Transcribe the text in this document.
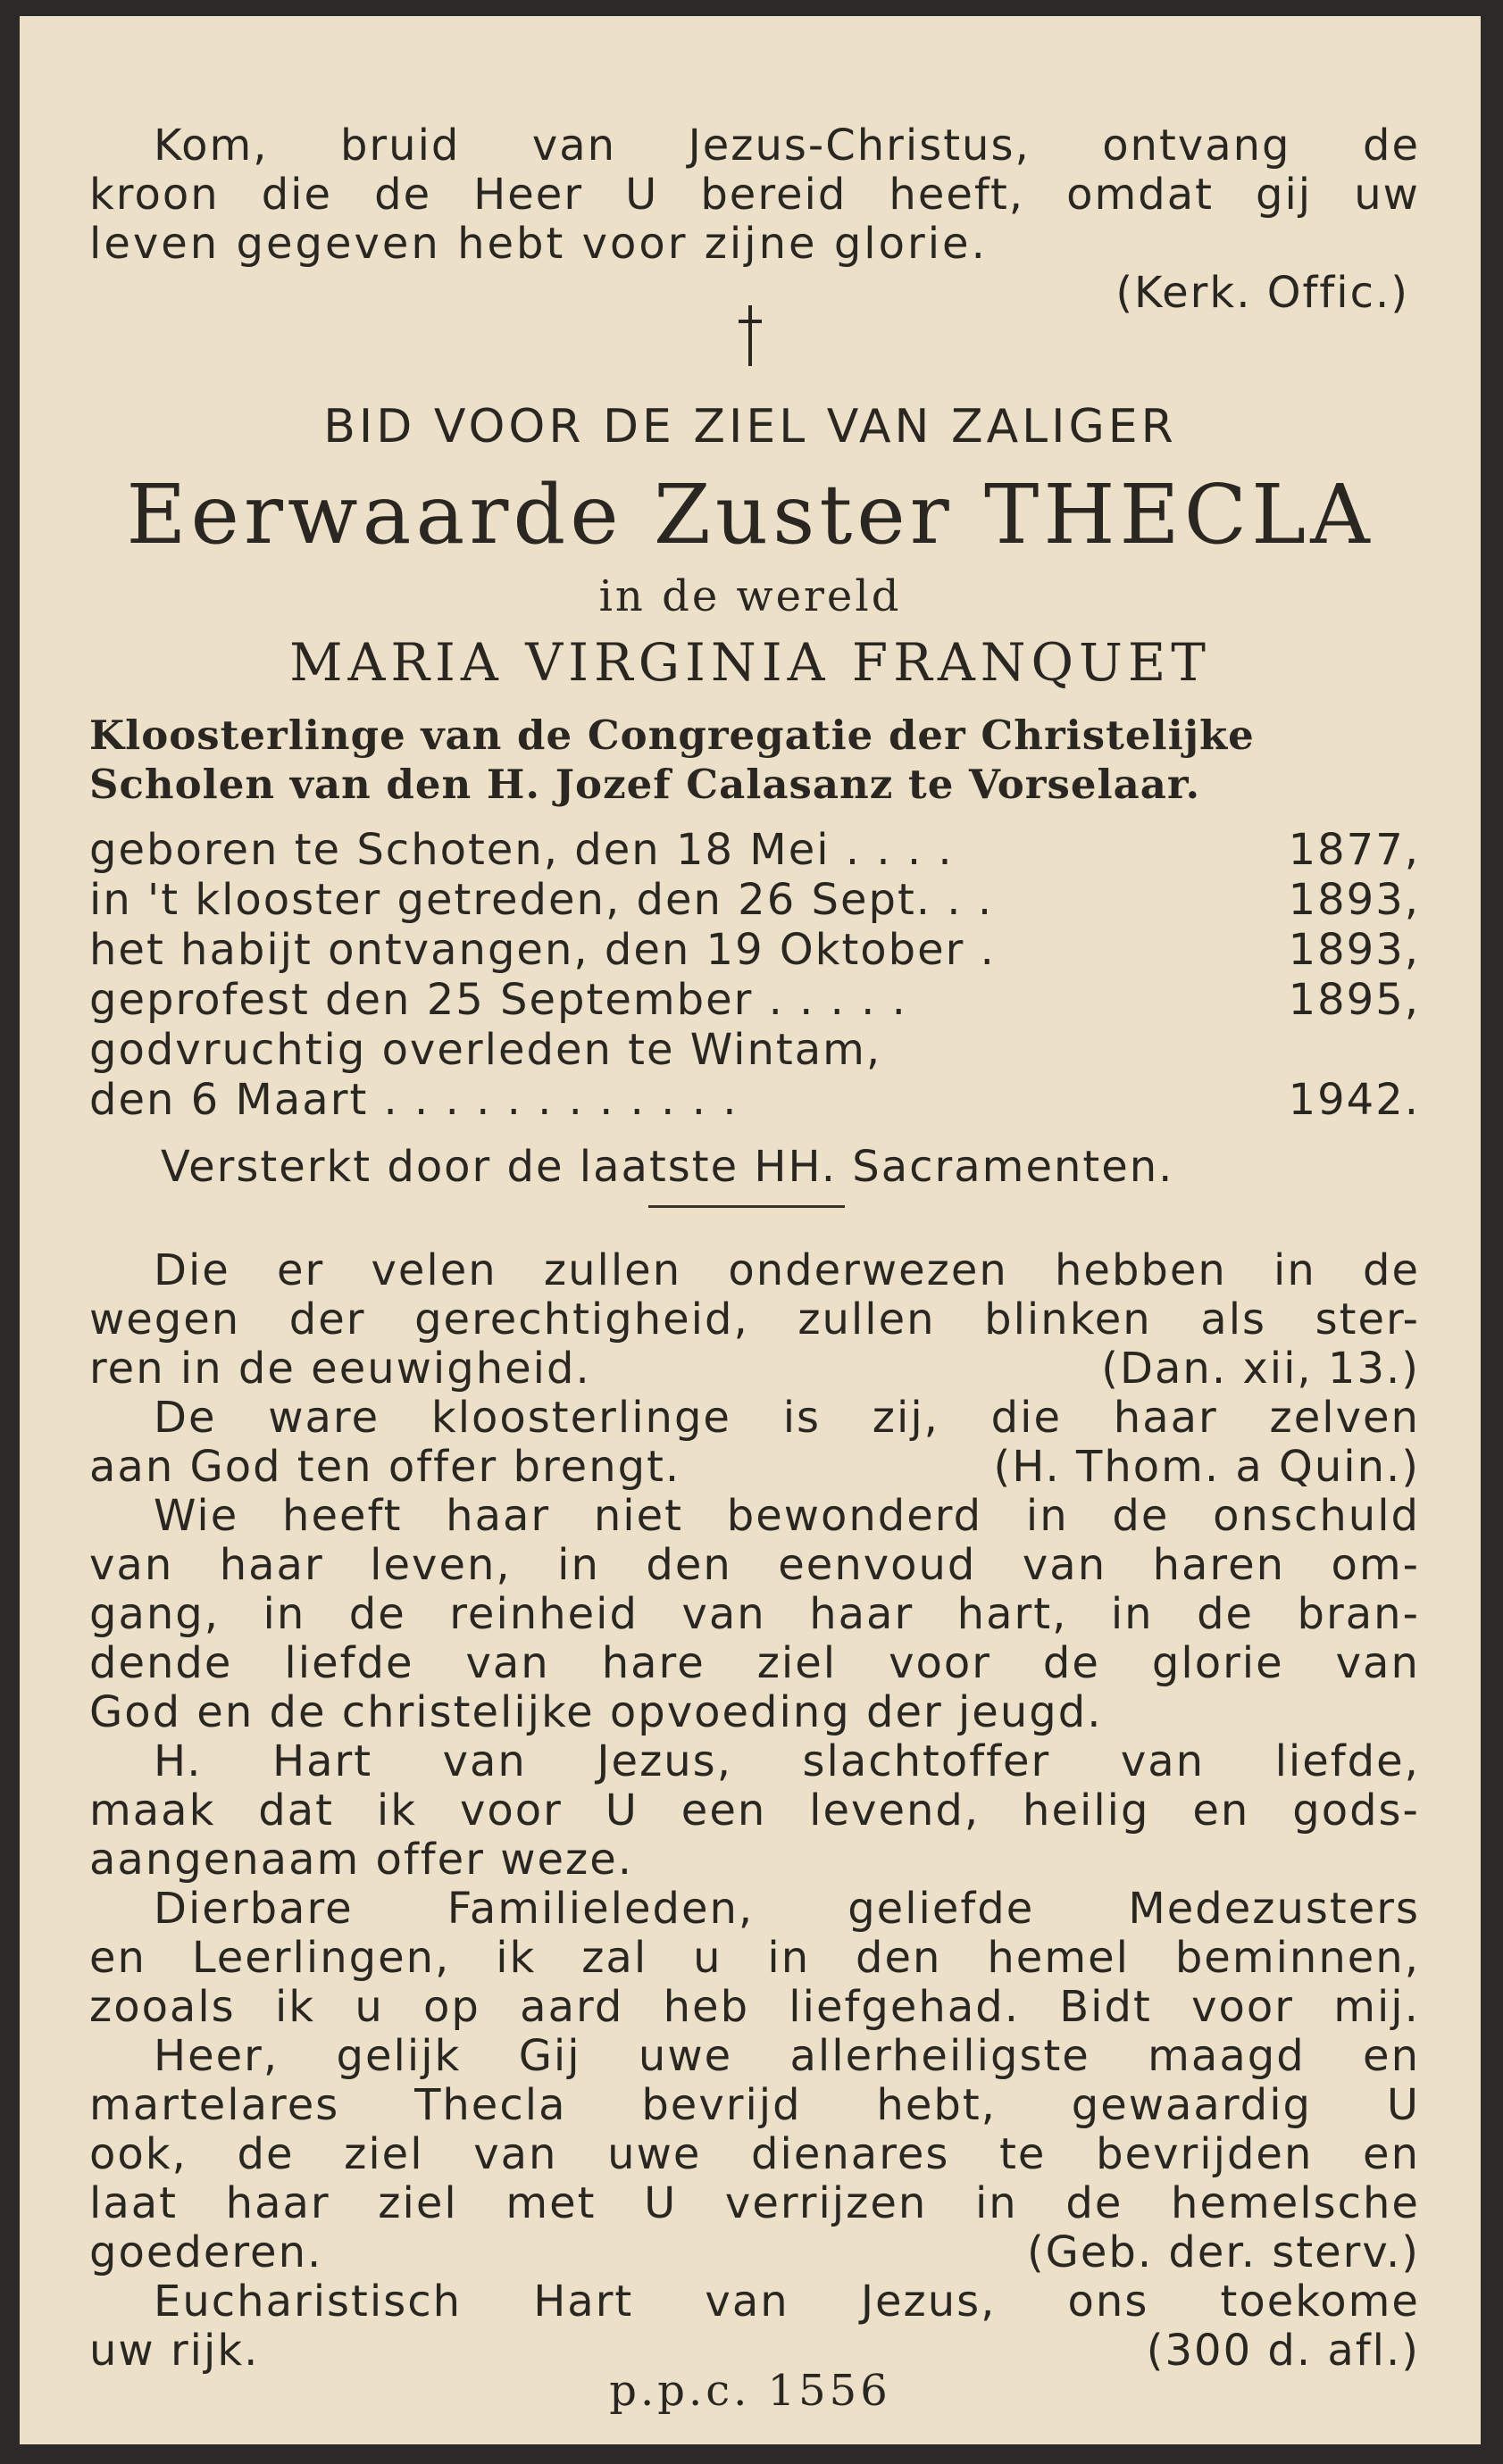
Kom, bruid van Jezus-Christus, ontvang de
kroon die de Heer U bereid heeft, omdat gij uw
leven gegeven hebt voor zijne glorie.
(Kerk. Offic.)
BID VOOR DE ZIEL VAN ZALIGER
Eerwaarde Zuster THECLA
in de wereld
MARIA VIRGINIA FRANQUET
Kloosterlinge van de Congregatie der Christelijke
Scholen van den H. Jozef Calasanz te Vorselaar.
geboren te Schoten, den 18 Mei . . . .	1877,
in 't klooster getreden, den 26 Sept. . .	1893,
het habijt ontvangen, den 19 Oktober .	1893,
geprofest den 25 September . . . . .	1895,
godvruchtig overleden te Wintam,
den 6 Maart . . . . . . . . . . . .	1942.
Versterkt door de laatste HH. Sacramenten.
Die er velen zullen onderwezen hebben in de
wegen der gerechtigheid, zullen blinken als ster-
ren in de eeuwigheid.	(Dan. xii, 13.)
De ware kloosterlinge is zij, die haar zelven
aan God ten offer brengt.	(H. Thom. a Quin.)
Wie heeft haar niet bewonderd in de onschuld
van haar leven, in den eenvoud van haren om-
gang, in de reinheid van haar hart, in de bran-
dende liefde van hare ziel voor de glorie van
God en de christelijke opvoeding der jeugd.
H. Hart van Jezus, slachtoffer van liefde,
maak dat ik voor U een levend, heilig en gods-
aangenaam offer weze.
Dierbare Familieleden, geliefde Medezusters
en Leerlingen, ik zal u in den hemel beminnen,
zooals ik u op aard heb liefgehad. Bidt voor mij.
Heer, gelijk Gij uwe allerheiligste maagd en
martelares Thecla bevrijd hebt, gewaardig U
ook, de ziel van uwe dienares te bevrijden en
laat haar ziel met U verrijzen in de hemelsche
goederen.	(Geb. der. sterv.)
Eucharistisch Hart van Jezus, ons toekome
uw rijk.	(300 d. afl.)
p.p.c. 1556
